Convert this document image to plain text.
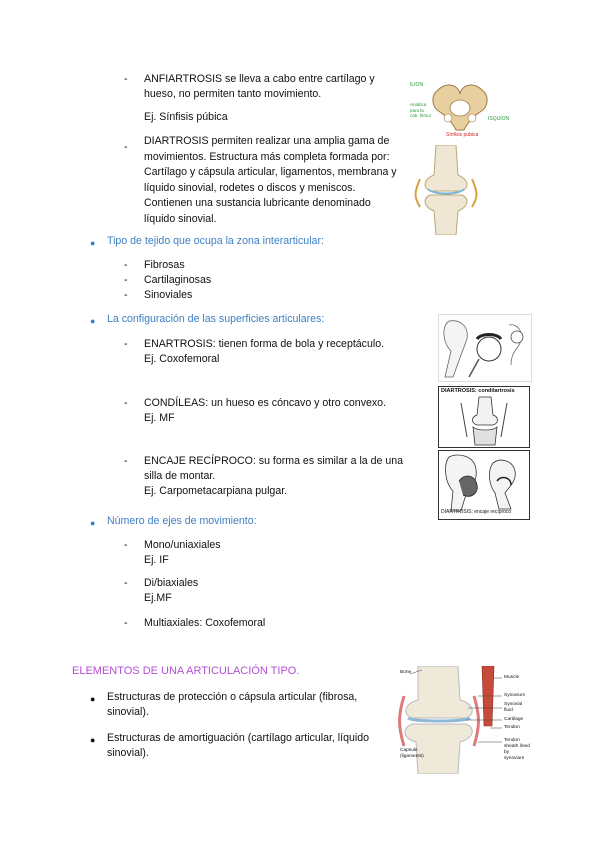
- ANFIARTROSIS se lleva a cabo entre cartílago y hueso, no permiten tanto movimiento.

Ej. Sínfisis púbica

ILION
Anattica
para la
cab. fémur
ISQUION
Sínfisis púbica
- DIARTROSIS permiten realizar una amplia gama de movimientos. Estructura más completa formada por: Cartílago y cápsula articular, ligamentos, membrana y líquido sinovial, rodetes o discos y meniscos. Contienen una sustancia lubricante denominado líquido sinovial.

● Tipo de tejido que ocupa la zona interarticular:

- Fibrosas

- Cartilaginosas

- Sinoviales

● La configuración de las superficies articulares:

- ENARTROSIS: tienen forma de bola y receptáculo.

Ej. Coxofemoral

- CONDÍLEAS: un hueso es cóncavo y otro convexo.

Ej. MF

DIARTROSIS: condilartrosis
- ENCAJE RECÍPROCO: su forma es similar a la de una

silla de montar.

Ej. Carpometacarpiana pulgar.

DIARTROSIS: encaje recíproco
● Número de ejes de movimiento:

- Mono/uniaxiales

Ej. IF

- Di/biaxiales

Ej.MF

- Multiaxiales: Coxofemoral

ELEMENTOS DE UNA ARTICULACIÓN TIPO.

● Estructuras de protección o cápsula articular (fibrosa, sinovial).

● Estructuras de amortiguación (cartílago articular, líquido sinovial).

Bone
Muscle
Synovium
Synovial fluid
Cartilage
Tendon
Capsule (ligaments)
Tendon sheath lined by synovium
